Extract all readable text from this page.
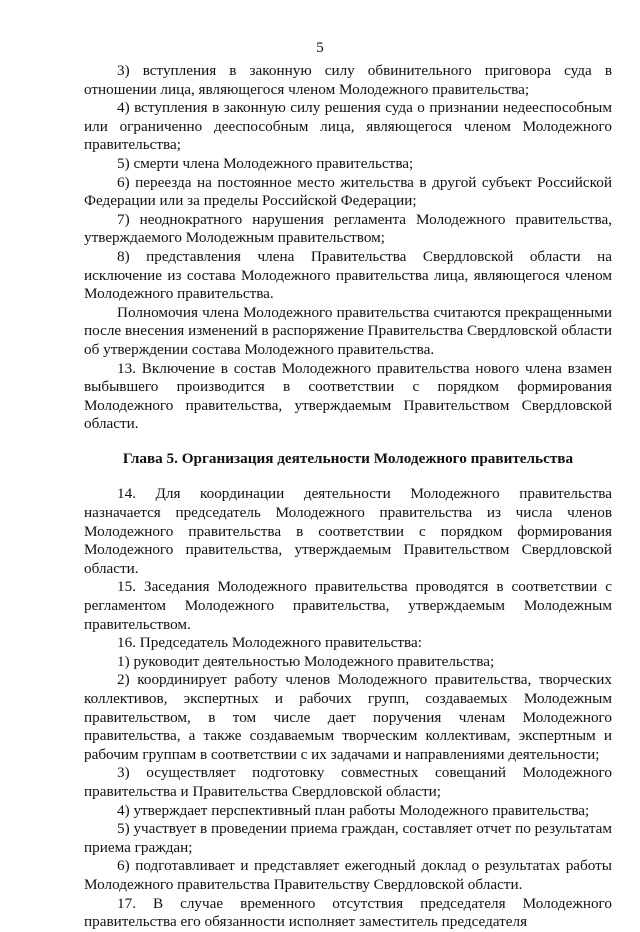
5

3) вступления в законную силу обвинительного приговора суда в отношении лица, являющегося членом Молодежного правительства;

4) вступления в законную силу решения суда о признании недееспособным или ограниченно дееспособным лица, являющегося членом Молодежного правительства;

5) смерти члена Молодежного правительства;

6) переезда на постоянное место жительства в другой субъект Российской Федерации или за пределы Российской Федерации;

7) неоднократного нарушения регламента Молодежного правительства, утверждаемого Молодежным правительством;

8) представления члена Правительства Свердловской области на исключение из состава Молодежного правительства лица, являющегося членом Молодежного правительства.

Полномочия члена Молодежного правительства считаются прекращенными после внесения изменений в распоряжение Правительства Свердловской области об утверждении состава Молодежного правительства.

13. Включение в состав Молодежного правительства нового члена взамен выбывшего производится в соответствии с порядком формирования Молодежного правительства, утверждаемым Правительством Свердловской области.

Глава 5. Организация деятельности Молодежного правительства

14. Для координации деятельности Молодежного правительства назначается председатель Молодежного правительства из числа членов Молодежного правительства в соответствии с порядком формирования Молодежного правительства, утверждаемым Правительством Свердловской области.

15. Заседания Молодежного правительства проводятся в соответствии с регламентом Молодежного правительства, утверждаемым Молодежным правительством.

16. Председатель Молодежного правительства:

1) руководит деятельностью Молодежного правительства;

2) координирует работу членов Молодежного правительства, творческих коллективов, экспертных и рабочих групп, создаваемых Молодежным правительством, в том числе дает поручения членам Молодежного правительства, а также создаваемым творческим коллективам, экспертным и рабочим группам в соответствии с их задачами и направлениями деятельности;

3) осуществляет подготовку совместных совещаний Молодежного правительства и Правительства Свердловской области;

4) утверждает перспективный план работы Молодежного правительства;

5) участвует в проведении приема граждан, составляет отчет по результатам приема граждан;

6) подготавливает и представляет ежегодный доклад о результатах работы Молодежного правительства Правительству Свердловской области.

17. В случае временного отсутствия председателя Молодежного правительства его обязанности исполняет заместитель председателя
